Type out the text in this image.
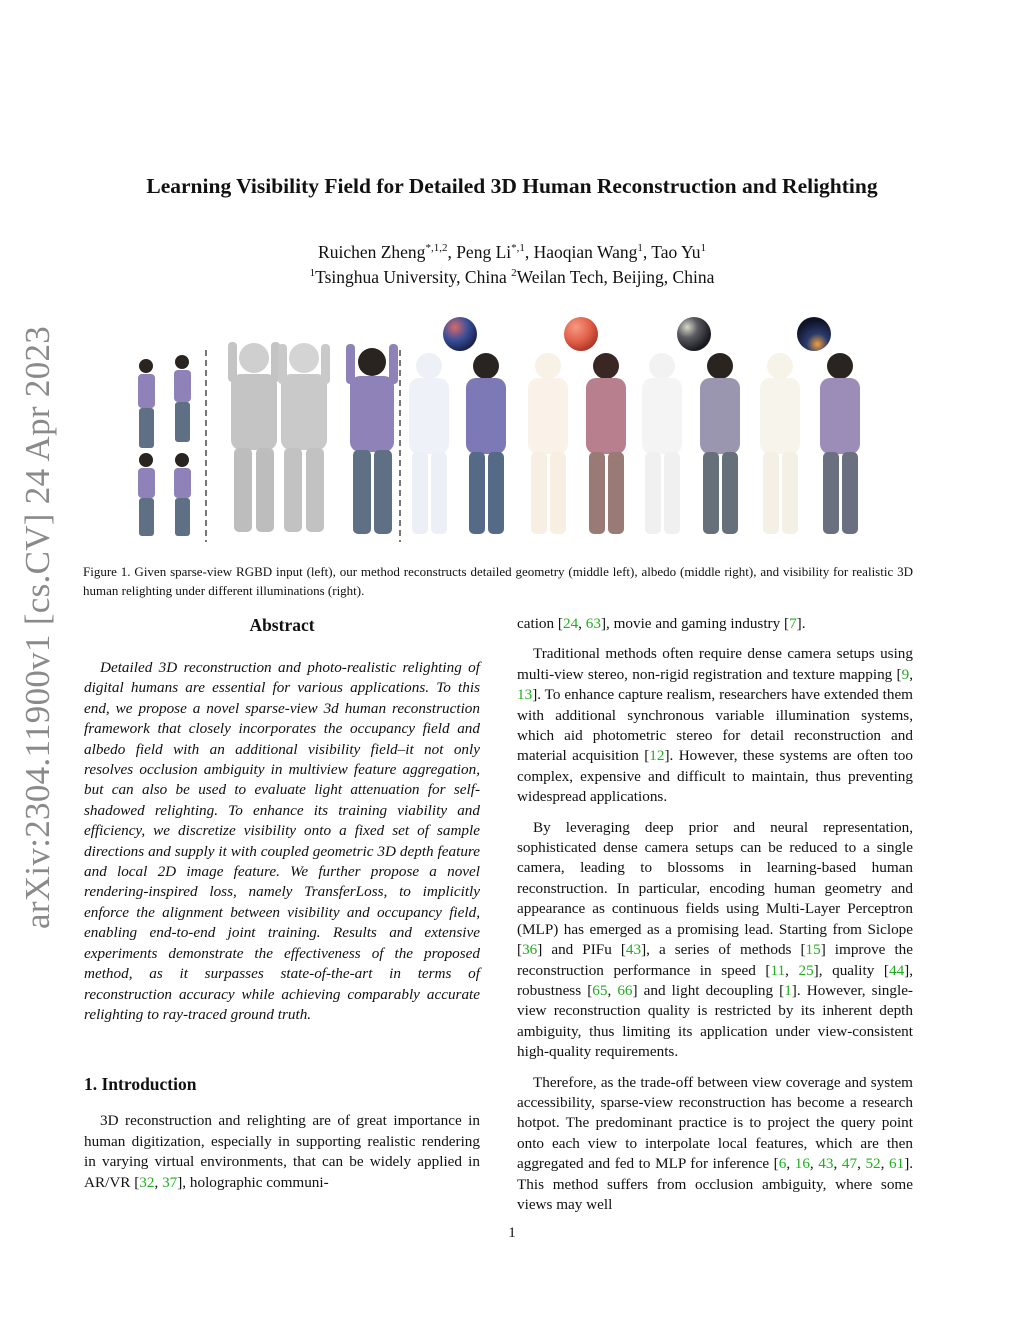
arXiv:2304.11900v1 [cs.CV] 24 Apr 2023
Learning Visibility Field for Detailed 3D Human Reconstruction and Relighting
Ruichen Zheng$^{*,1,2}$, Peng $Li^{*,1}$, Haoqian Wang$^1$, Tao Yu$^1$
$^1$Tsinghua University, China $^2$Weilan Tech, Beijing, China
Figure 1. Given sparse-view RGBD input (left), our method reconstructs detailed geometry (middle left), albedo (middle right), and visibility for realistic 3D human relighting under different illuminations (right).
Abstract

Detailed 3D reconstruction and photo-realistic relighting of digital humans are essential for various applications. To this end, we propose a novel sparse-view 3d human reconstruction framework that closely incorporates the occupancy field and albedo field with an additional visibility field–it not only resolves occlusion ambiguity in multiview feature aggregation, but can also be used to evaluate light attenuation for self-shadowed relighting. To enhance its training viability and efficiency, we discretize visibility onto a fixed set of sample directions and supply it with coupled geometric 3D depth feature and local 2D image feature. We further propose a novel rendering-inspired loss, namely TransferLoss, to implicitly enforce the alignment between visibility and occupancy field, enabling end-to-end joint training. Results and extensive experiments demonstrate the effectiveness of the proposed method, as it surpasses state-of-the-art in terms of reconstruction accuracy while achieving comparably accurate relighting to ray-traced ground truth.

1. Introduction

3D reconstruction and relighting are of great importance in human digitization, especially in supporting realistic rendering in varying virtual environments, that can be widely applied in AR/VR [32, 37], holographic communi-

cation [24, 63], movie and gaming industry [7].

Traditional methods often require dense camera setups using multi-view stereo, non-rigid registration and texture mapping [9, 13]. To enhance capture realism, researchers have extended them with additional synchronous variable illumination systems, which aid photometric stereo for detail reconstruction and material acquisition [12]. However, these systems are often too complex, expensive and difficult to maintain, thus preventing widespread applications.

By leveraging deep prior and neural representation, sophisticated dense camera setups can be reduced to a single camera, leading to blossoms in learning-based human reconstruction. In particular, encoding human geometry and appearance as continuous fields using Multi-Layer Perceptron (MLP) has emerged as a promising lead. Starting from Siclope [36] and PIFu [43], a series of methods [15] improve the reconstruction performance in speed [11, 25], quality [44], robustness [65, 66] and light decoupling [1]. However, single-view reconstruction quality is restricted by its inherent depth ambiguity, thus limiting its application under view-consistent high-quality requirements.

Therefore, as the trade-off between view coverage and system accessibility, sparse-view reconstruction has become a research hotpot. The predominant practice is to project the query point onto each view to interpolate local features, which are then aggregated and fed to MLP for inference [6, 16, 43, 47, 52, 61]. This method suffers from occlusion ambiguity, where some views may well

1
